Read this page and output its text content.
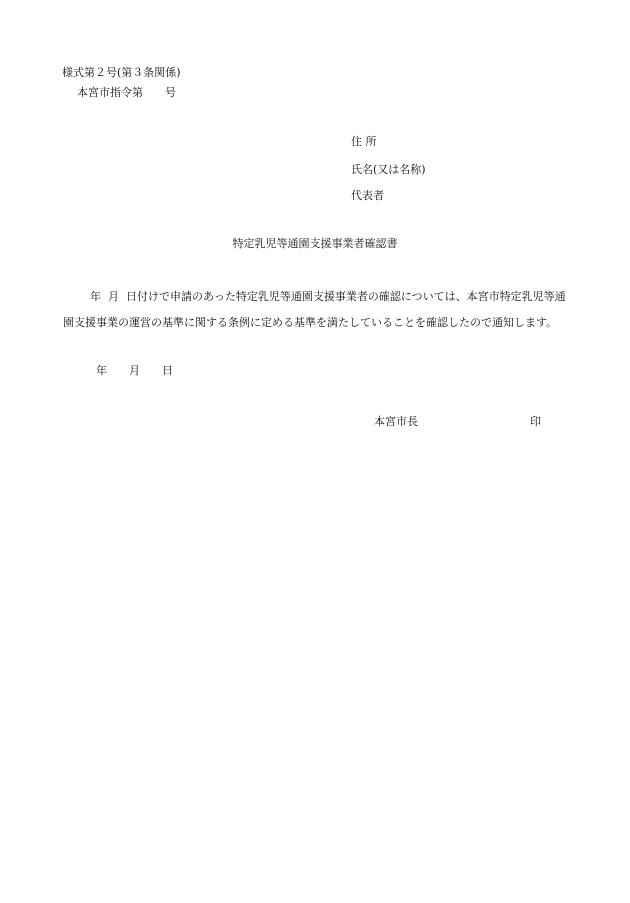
様式第２号(第３条関係)
本宮市指令第　　号
住 所
氏名(又は名称)
代表者
特定乳児等通園支援事業者確認書
年  月  日付けで申請のあった特定乳児等通園支援事業者の確認については、本宮市特定乳児等通
園支援事業の運営の基準に関する条例に定める基準を満たしていることを確認したので通知します。
年　　月　　日
本宮市長	印
